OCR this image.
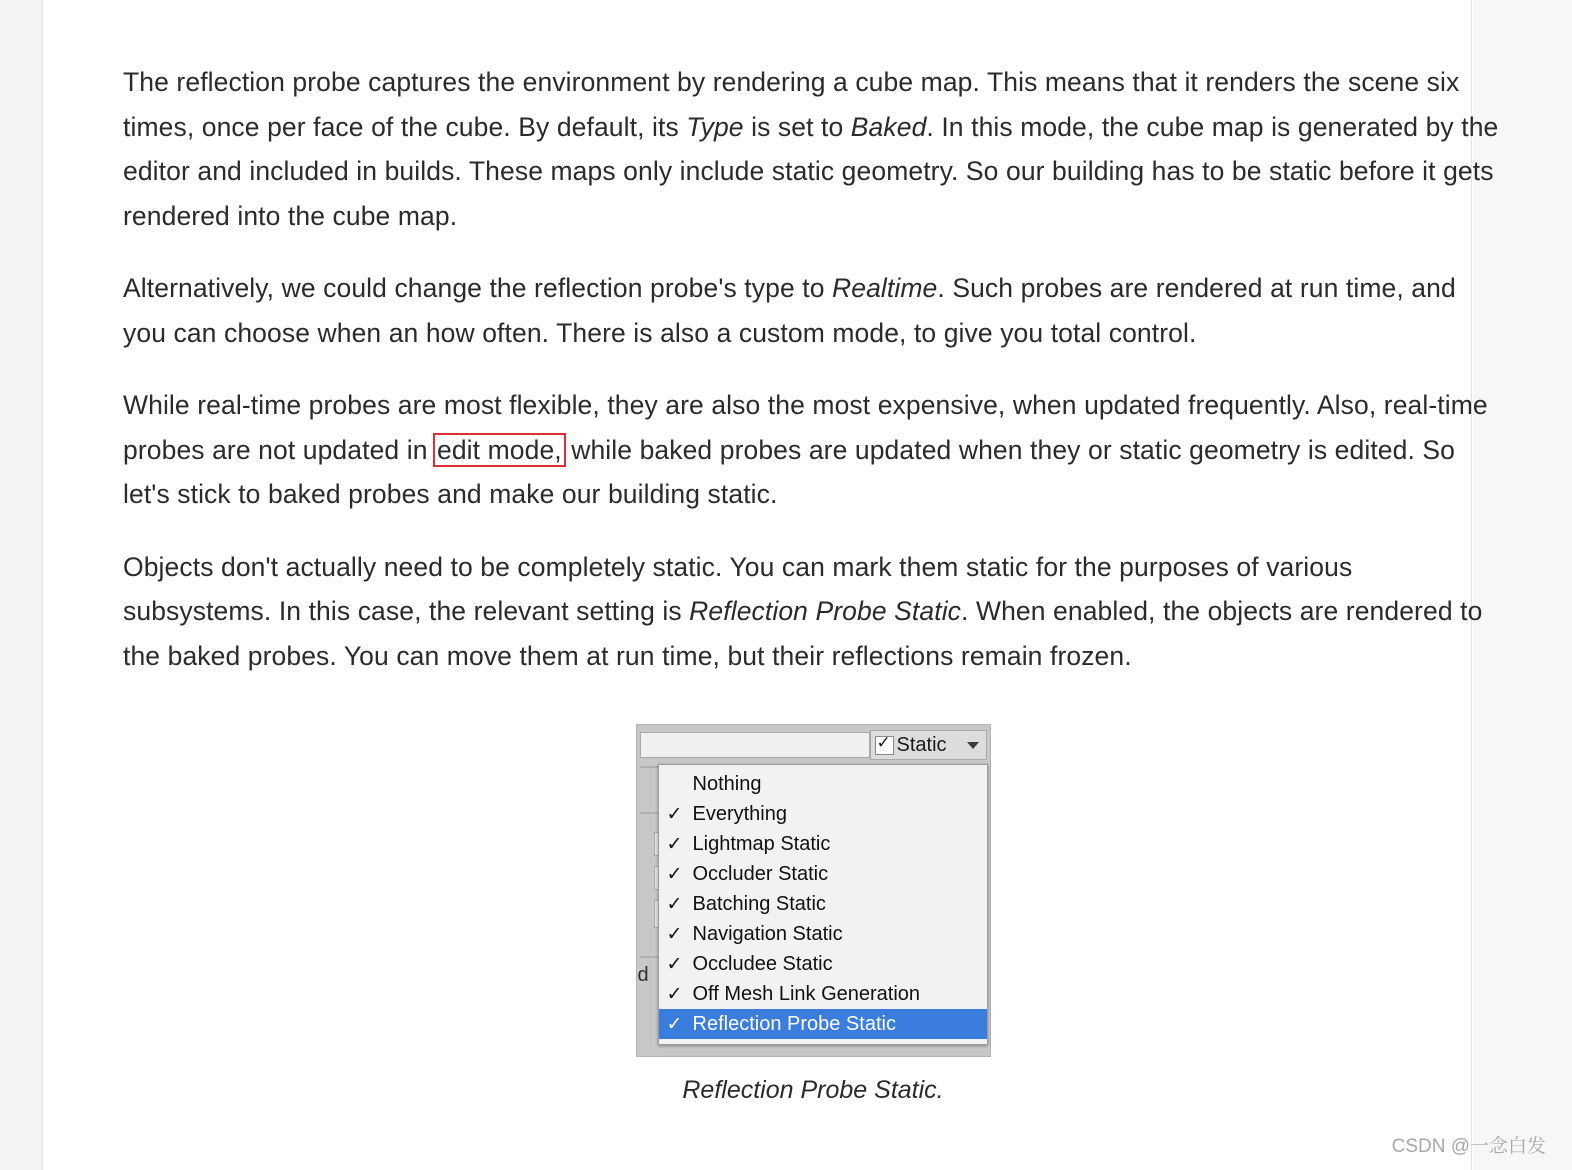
The reflection probe captures the environment by rendering a cube map. This means that it renders the scene six times, once per face of the cube. By default, its Type is set to Baked. In this mode, the cube map is generated by the editor and included in builds. These maps only include static geometry. So our building has to be static before it gets rendered into the cube map.

Alternatively, we could change the reflection probe's type to Realtime. Such probes are rendered at run time, and you can choose when an how often. There is also a custom mode, to give you total control.

While real-time probes are most flexible, they are also the most expensive, when updated frequently. Also, real-time probes are not updated in edit mode, while baked probes are updated when they or static geometry is edited. So let's stick to baked probes and make our building static.

Objects don't actually need to be completely static. You can mark them static for the purposes of various subsystems. In this case, the relevant setting is Reflection Probe Static. When enabled, the objects are rendered to the baked probes. You can move them at run time, but their reflections remain frozen.

d
✓
Static
Nothing
✓ Everything
✓ Lightmap Static
✓ Occluder Static
✓ Batching Static
✓ Navigation Static
✓ Occludee Static
✓ Off Mesh Link Generation
✓ Reflection Probe Static
Reflection Probe Static.
CSDN @一念白发
